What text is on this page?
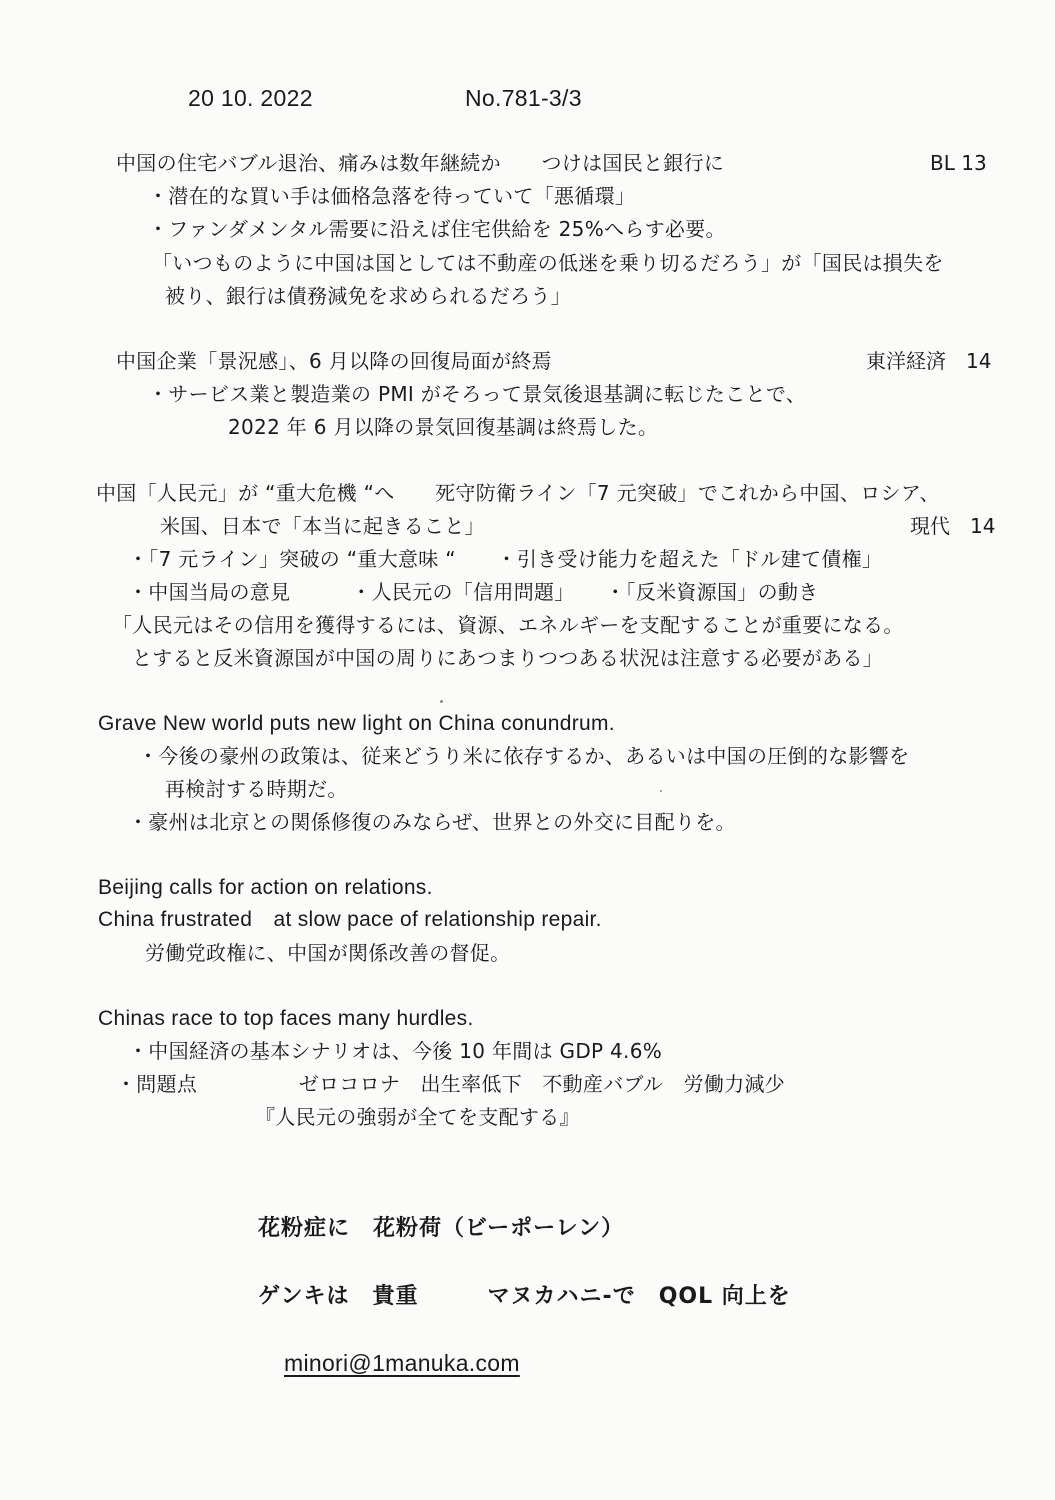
20 10. 2022	No.781-3/3
中国の住宅バブル退治、痛みは数年継続か　　つけは国民と銀行に	BL 13
・潜在的な買い手は価格急落を待っていて「悪循環」
・ファンダメンタル需要に沿えば住宅供給を 25%へらす必要。
「いつものように中国は国としては不動産の低迷を乗り切るだろう」が「国民は損失を
被り、銀行は債務減免を求められるだろう」
中国企業「景況感」、6 月以降の回復局面が終焉	東洋経済　14
・サービス業と製造業の PMI がそろって景気後退基調に転じたことで、
2022 年 6 月以降の景気回復基調は終焉した。
中国「人民元」が “重大危機 “へ　　死守防衛ライン「7 元突破」でこれから中国、ロシア、
米国、日本で「本当に起きること」	現代　14
・「7 元ライン」突破の “重大意味 “　　・引き受け能力を超えた「ドル建て債権」
・中国当局の意見　　　・人民元の「信用問題」　　・「反米資源国」の動き
「人民元はその信用を獲得するには、資源、エネルギーを支配することが重要になる。
とすると反米資源国が中国の周りにあつまりつつある状況は注意する必要がある」
Grave New world puts new light on China conundrum.
・今後の豪州の政策は、従来どうり米に依存するか、あるいは中国の圧倒的な影響を
再検討する時期だ。
・豪州は北京との関係修復のみならぜ、世界との外交に目配りを。
Beijing calls for action on relations.
China frustrated　at slow pace of relationship repair.
労働党政権に、中国が関係改善の督促。
Chinas race to top faces many hurdles.
・中国経済の基本シナリオは、今後 10 年間は GDP 4.6%
・問題点　　　　　ゼロコロナ　出生率低下　不動産バブル　労働力減少
『人民元の強弱が全てを支配する』
花粉症に　花粉荷（ビーポーレン）
ゲンキは　貴重　　　マヌカハニ-で　QOL 向上を
minori@1manuka.com
